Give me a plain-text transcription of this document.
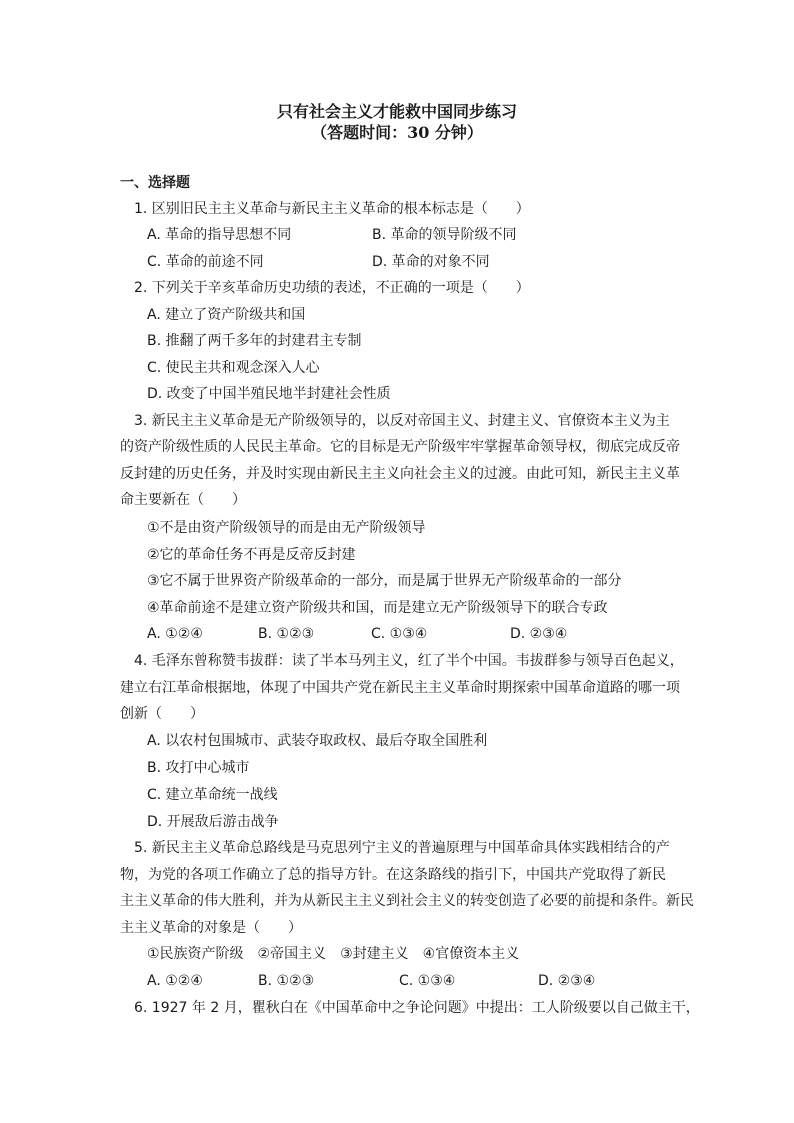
只有社会主义才能救中国同步练习
（答题时间：30 分钟）
一、选择题
1. 区别旧民主主义革命与新民主主义革命的根本标志是（　　）
A. 革命的指导思想不同	B. 革命的领导阶级不同
C. 革命的前途不同	D. 革命的对象不同
2. 下列关于辛亥革命历史功绩的表述，不正确的一项是（　　）
A. 建立了资产阶级共和国
B. 推翻了两千多年的封建君主专制
C. 使民主共和观念深入人心
D. 改变了中国半殖民地半封建社会性质
3. 新民主主义革命是无产阶级领导的，以反对帝国主义、封建主义、官僚资本主义为主
的资产阶级性质的人民民主革命。它的目标是无产阶级牢牢掌握革命领导权，彻底完成反帝
反封建的历史任务，并及时实现由新民主主义向社会主义的过渡。由此可知，新民主主义革
命主要新在（　　）
①不是由资产阶级领导的而是由无产阶级领导
②它的革命任务不再是反帝反封建
③它不属于世界资产阶级革命的一部分，而是属于世界无产阶级革命的一部分
④革命前途不是建立资产阶级共和国，而是建立无产阶级领导下的联合专政
A. ①②④	B. ①②③	C. ①③④	D. ②③④
4. 毛泽东曾称赞韦拔群：读了半本马列主义，红了半个中国。韦拔群参与领导百色起义，
建立右江革命根据地，体现了中国共产党在新民主主义革命时期探索中国革命道路的哪一项
创新（　　）
A. 以农村包围城市、武装夺取政权、最后夺取全国胜利
B. 攻打中心城市
C. 建立革命统一战线
D. 开展敌后游击战争
5. 新民主主义革命总路线是马克思列宁主义的普遍原理与中国革命具体实践相结合的产
物，为党的各项工作确立了总的指导方针。在这条路线的指引下，中国共产党取得了新民
主主义革命的伟大胜利，并为从新民主主义到社会主义的转变创造了必要的前提和条件。新民
主主义革命的对象是（　　）
①民族资产阶级　②帝国主义　③封建主义　④官僚资本主义
A. ①②④	B. ①②③	C. ①③④	D. ②③④
6. 1927 年 2 月，瞿秋白在《中国革命中之争论问题》中提出：工人阶级要以自己做主干，
